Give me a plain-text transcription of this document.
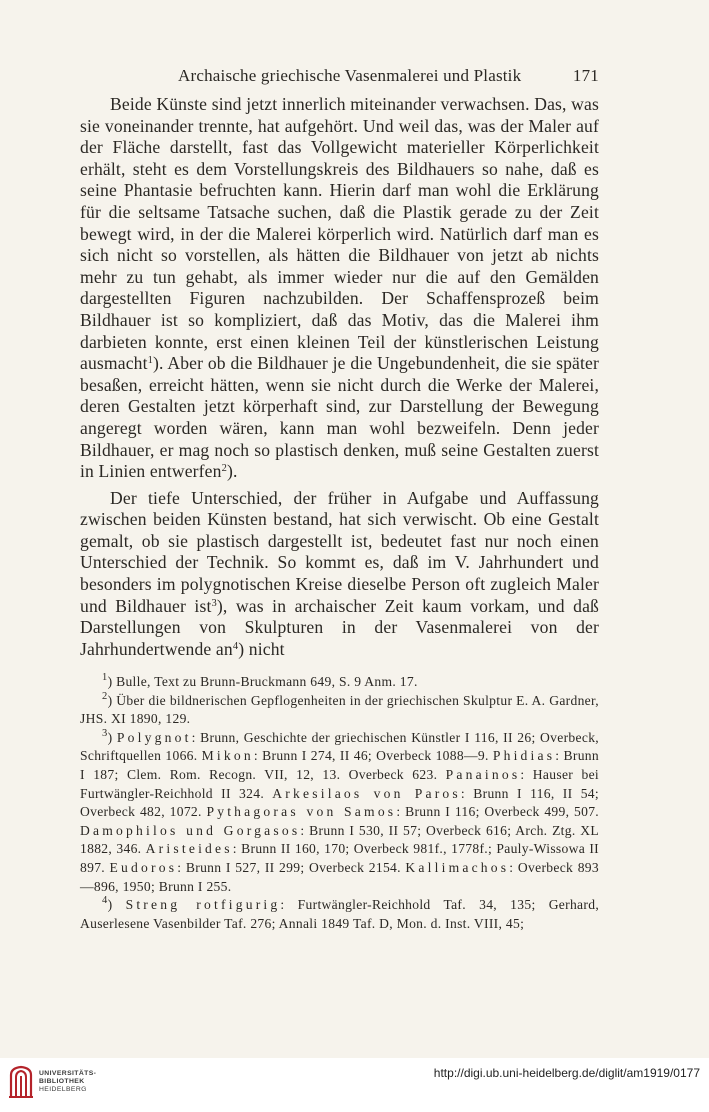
Archaische griechische Vasenmalerei und Plastik	171

Beide Künste sind jetzt innerlich miteinander verwachsen. Das, was sie voneinander trennte, hat aufgehört. Und weil das, was der Maler auf der Fläche darstellt, fast das Vollgewicht materieller Körperlichkeit erhält, steht es dem Vorstellungskreis des Bildhauers so nahe, daß es seine Phantasie befruchten kann. Hierin darf man wohl die Erklärung für die seltsame Tatsache suchen, daß die Plastik gerade zu der Zeit bewegt wird, in der die Malerei körperlich wird. Natürlich darf man es sich nicht so vorstellen, als hätten die Bildhauer von jetzt ab nichts mehr zu tun gehabt, als immer wieder nur die auf den Gemälden dargestellten Figuren nachzubilden. Der Schaffensprozeß beim Bildhauer ist so kompliziert, daß das Motiv, das die Malerei ihm darbieten konnte, erst einen kleinen Teil der künstlerischen Leistung ausmacht$^1$). Aber ob die Bildhauer je die Ungebundenheit, die sie später besaßen, erreicht hätten, wenn sie nicht durch die Werke der Malerei, deren Gestalten jetzt körperhaft sind, zur Darstellung der Bewegung angeregt worden wären, kann man wohl bezweifeln. Denn jeder Bildhauer, er mag noch so plastisch denken, muß seine Gestalten zuerst in Linien entwerfen$^2$).

Der tiefe Unterschied, der früher in Aufgabe und Auffassung zwischen beiden Künsten bestand, hat sich verwischt. Ob eine Gestalt gemalt, ob sie plastisch dargestellt ist, bedeutet fast nur noch einen Unterschied der Technik. So kommt es, daß im V. Jahrhundert und besonders im polygnotischen Kreise dieselbe Person oft zugleich Maler und Bildhauer ist$^3$), was in archaischer Zeit kaum vorkam, und daß Darstellungen von Skulpturen in der Vasenmalerei von der Jahrhundertwende $an^4$) nicht

$^1$) Bulle, Text zu Brunn-Bruckmann 649, S. 9 Anm. 17.

$^2$) Über die bildnerischen Gepflogenheiten in der griechischen Skulptur E. A. Gardner, JHS. XI 1890, 129.

$^3$) Polygnot: Brunn, Geschichte der griechischen Künstler I 116, II 26; Overbeck, Schriftquellen 1066. Mikon: Brunn I 274, II 46; Overbeck 1088—9. Phidias: Brunn I 187; Clem. Rom. Recogn. VII, 12, 13. Overbeck 623. Panainos: Hauser bei Furtwängler-Reichhold II 324. Arkesilaos von Paros: Brunn I 116, II 54; Overbeck 482, 1072. Pythagoras von Samos: Brunn I 116; Overbeck 499, 507. Damophilos und Gorgasos: Brunn I 530, II 57; Overbeck 616; Arch. Ztg. XL 1882, 346. Aristeides: Brunn II 160, 170; Overbeck 981f., 1778f.; Pauly-Wissowa II 897. Eudoros: Brunn I 527, II 299; Overbeck 2154. Kallimachos: Overbeck 893—896, 1950; Brunn I 255.

$^4$) Streng rotfigurig: Furtwängler-Reichhold Taf. 34, 135; Gerhard, Auserlesene Vasenbilder Taf. 276; Annali 1849 Taf. D, Mon. d. Inst. VIII, 45;

UNIVERSITÄTS-
BIBLIOTHEK
HEIDELBERG
http://digi.ub.uni-heidelberg.de/diglit/am1919/0177
